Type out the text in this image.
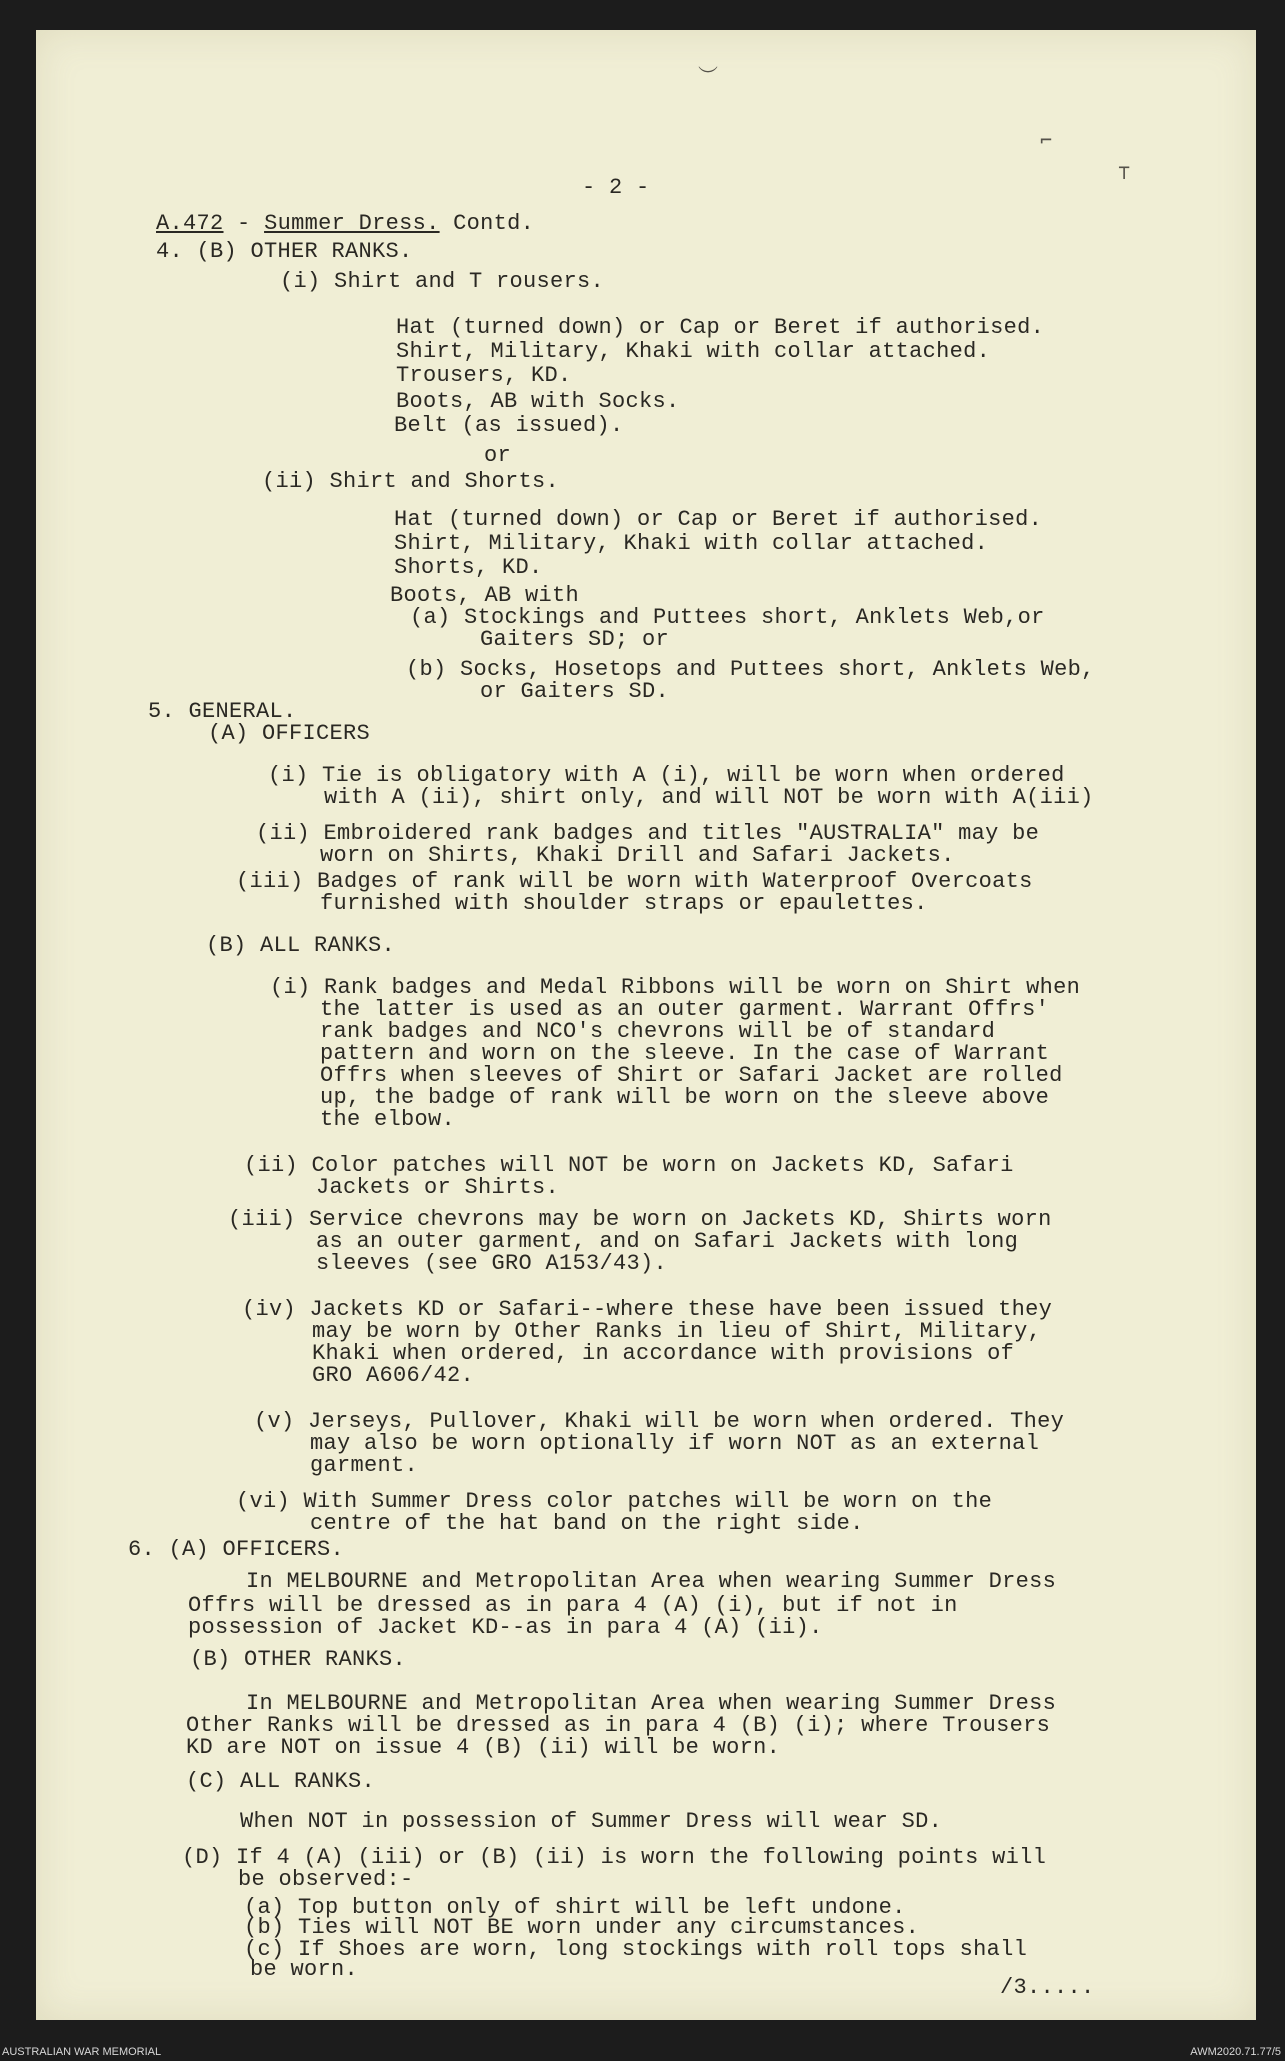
- 2 -
A.472 - Summer Dress. Contd.
4. (B) OTHER RANKS.
(i) Shirt and T rousers.
Hat (turned down) or Cap or Beret if authorised.
Shirt, Military, Khaki with collar attached.
Trousers, KD.
Boots, AB with Socks.
Belt (as issued).
or
(ii) Shirt and Shorts.
Hat (turned down) or Cap or Beret if authorised.
Shirt, Military, Khaki with collar attached.
Shorts, KD.
Boots, AB with
(a) Stockings and Puttees short, Anklets Web,or
Gaiters SD; or
(b) Socks, Hosetops and Puttees short, Anklets Web,
or Gaiters SD.
5. GENERAL.
(A) OFFICERS
(i) Tie is obligatory with A (i), will be worn when ordered
with A (ii), shirt only, and will NOT be worn with A(iii)
(ii) Embroidered rank badges and titles "AUSTRALIA" may be
worn on Shirts, Khaki Drill and Safari Jackets.
(iii) Badges of rank will be worn with Waterproof Overcoats
furnished with shoulder straps or epaulettes.
(B) ALL RANKS.
(i) Rank badges and Medal Ribbons will be worn on Shirt when
the latter is used as an outer garment. Warrant Offrs'
rank badges and NCO's chevrons will be of standard
pattern and worn on the sleeve. In the case of Warrant
Offrs when sleeves of Shirt or Safari Jacket are rolled
up, the badge of rank will be worn on the sleeve above
the elbow.
(ii) Color patches will NOT be worn on Jackets KD, Safari
Jackets or Shirts.
(iii) Service chevrons may be worn on Jackets KD, Shirts worn
as an outer garment, and on Safari Jackets with long
sleeves (see GRO A153/43).
(iv) Jackets KD or Safari--where these have been issued they
may be worn by Other Ranks in lieu of Shirt, Military,
Khaki when ordered, in accordance with provisions of
GRO A606/42.
(v) Jerseys, Pullover, Khaki will be worn when ordered. They
may also be worn optionally if worn NOT as an external
garment.
(vi) With Summer Dress color patches will be worn on the
centre of the hat band on the right side.
6. (A) OFFICERS.
In MELBOURNE and Metropolitan Area when wearing Summer Dress
Offrs will be dressed as in para 4 (A) (i), but if not in
possession of Jacket KD--as in para 4 (A) (ii).
(B) OTHER RANKS.
In MELBOURNE and Metropolitan Area when wearing Summer Dress
Other Ranks will be dressed as in para 4 (B) (i); where Trousers
KD are NOT on issue 4 (B) (ii) will be worn.
(C) ALL RANKS.
When NOT in possession of Summer Dress will wear SD.
(D) If 4 (A) (iii) or (B) (ii) is worn the following points will
be observed:-
(a) Top button only of shirt will be left undone.
(b) Ties will NOT BE worn under any circumstances.
(c) If Shoes are worn, long stockings with roll tops shall
be worn.
/3.....
︶
⌐
⊤
AUSTRALIAN WAR MEMORIAL	AWM2020.71.77/5
